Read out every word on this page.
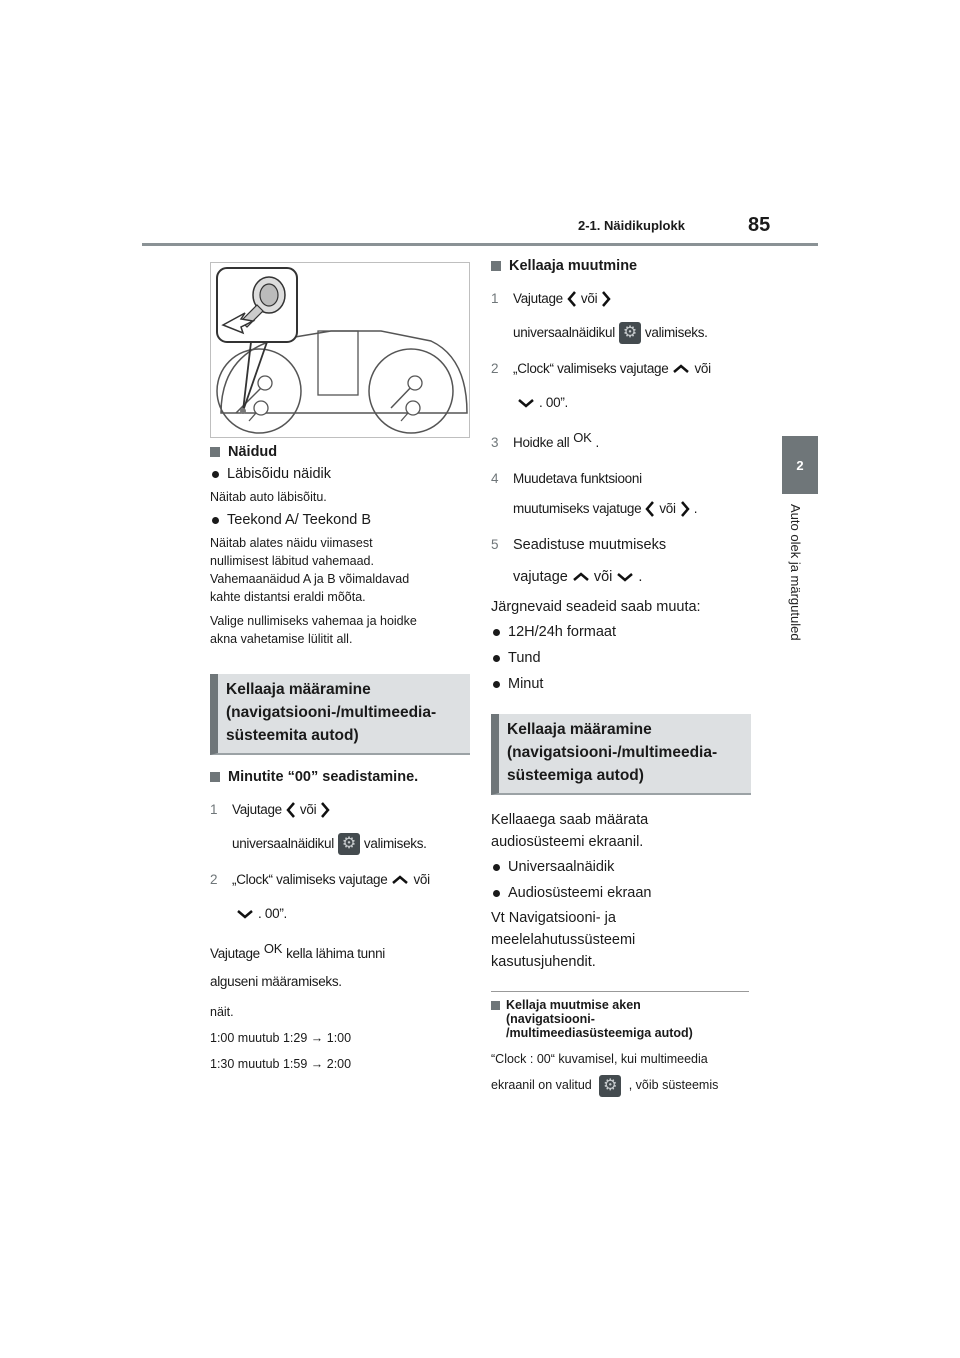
2-1. Näidikuplokk	85
2
Auto olek ja märgutuled
Näidud
Läbisõidu näidik
Näitab auto läbisõitu.
Teekond A/ Teekond B
Näitab alates näidu viimasest
nullimisest läbitud vahemaad.
Vahemaanäidud A ja B võimaldavad
kahte distantsi eraldi mõõta.
Valige nullimiseks vahemaa ja hoidke
akna vahetamise lülitit all.
Kellaaja määramine
(navigatsiooni-/multimeedia-
süsteemita autod)
Minutite “00” seadistamine.
1	Vajutage või
universaalnäidikul ⚙ valimiseks.
2	„Clock“ valimiseks vajutage või
. 00”.
Vajutage OK kella lähima tunni
alguseni määramiseks.
näit.
1:00 muutub 1:29 → 1:00
1:30 muutub 1:59 → 2:00
Kellaaja muutmine
1	Vajutage või
universaalnäidikul ⚙ valimiseks.
2	„Clock“ valimiseks vajutage või
. 00”.
3	Hoidke all OK .
4	Muudetava funktsiooni
muutumiseks vajatuge või .
5 Seadistuse muutmiseks
vajutage või .
Järgnevaid seadeid saab muuta:
12H/24h formaat
Tund
Minut
Kellaaja määramine
(navigatsiooni-/multimeedia-
süsteemiga autod)
Kellaaega saab määrata
audiosüsteemi ekraanil.
Universaalnäidik
Audiosüsteemi ekraan
Vt Navigatsiooni- ja
meelelahutussüsteemi
kasutusjuhendit.
Kellaja muutmise aken
(navigatsiooni-
/multimeediasüsteemiga autod)
“Clock : 00“ kuvamisel, kui multimeedia
ekraanil on valitud ⚙	, võib süsteemis
